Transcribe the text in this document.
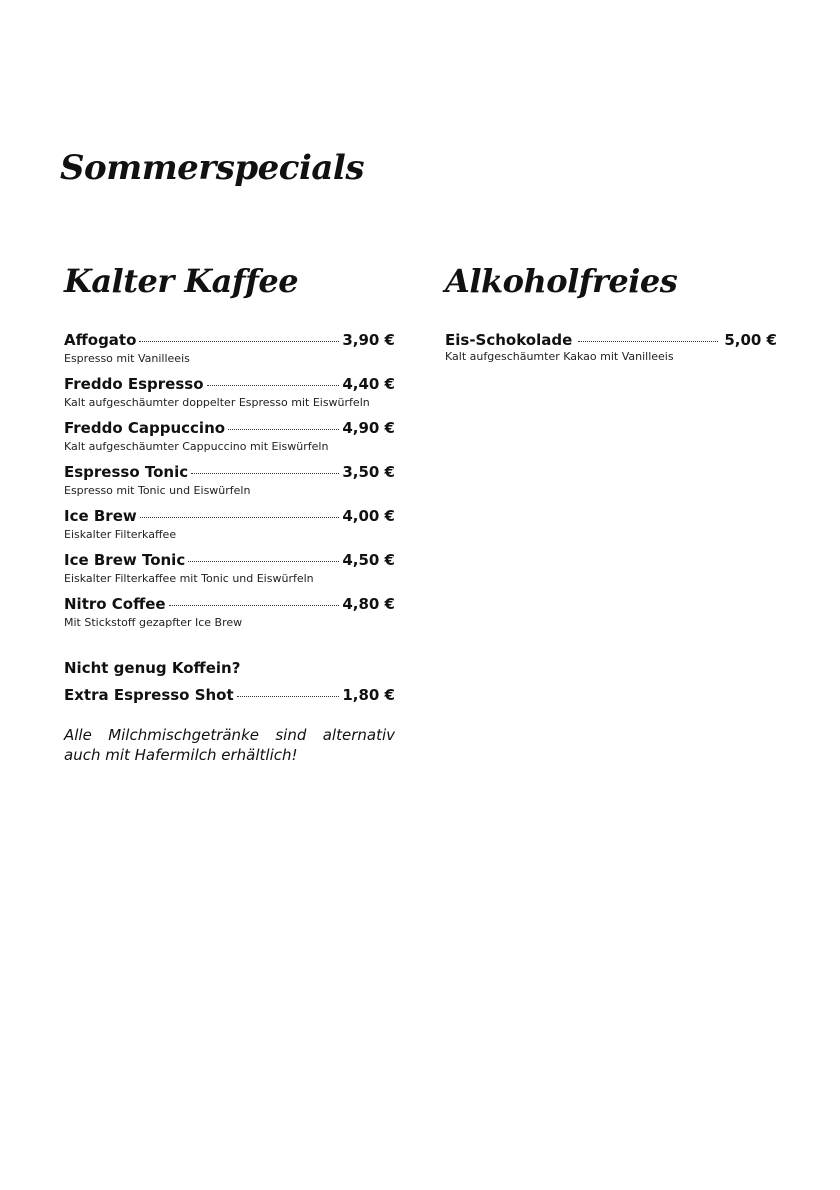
Sommerspecials
Kalter Kaffee	Alkoholfreies
Affogato	3,90 €
Espresso mit Vanilleeis
Freddo Espresso	4,40 €
Kalt aufgeschäumter doppelter Espresso mit Eiswürfeln
Freddo Cappuccino	4,90 €
Kalt aufgeschäumter Cappuccino mit Eiswürfeln
Espresso Tonic	3,50 €
Espresso mit Tonic und Eiswürfeln
Ice Brew	4,00 €
Eiskalter Filterkaffee
Ice Brew Tonic	4,50 €
Eiskalter Filterkaffee mit Tonic und Eiswürfeln
Nitro Coffee	4,80 €
Mit Stickstoff gezapfter Ice Brew
Nicht genug Koffein?
Extra Espresso Shot	1,80 €

Alle Milchmischgetränke sind alternativ auch mit Hafermilch erhältlich!

Eis-Schokolade	5,00 €
Kalt aufgeschäumter Kakao mit Vanilleeis
